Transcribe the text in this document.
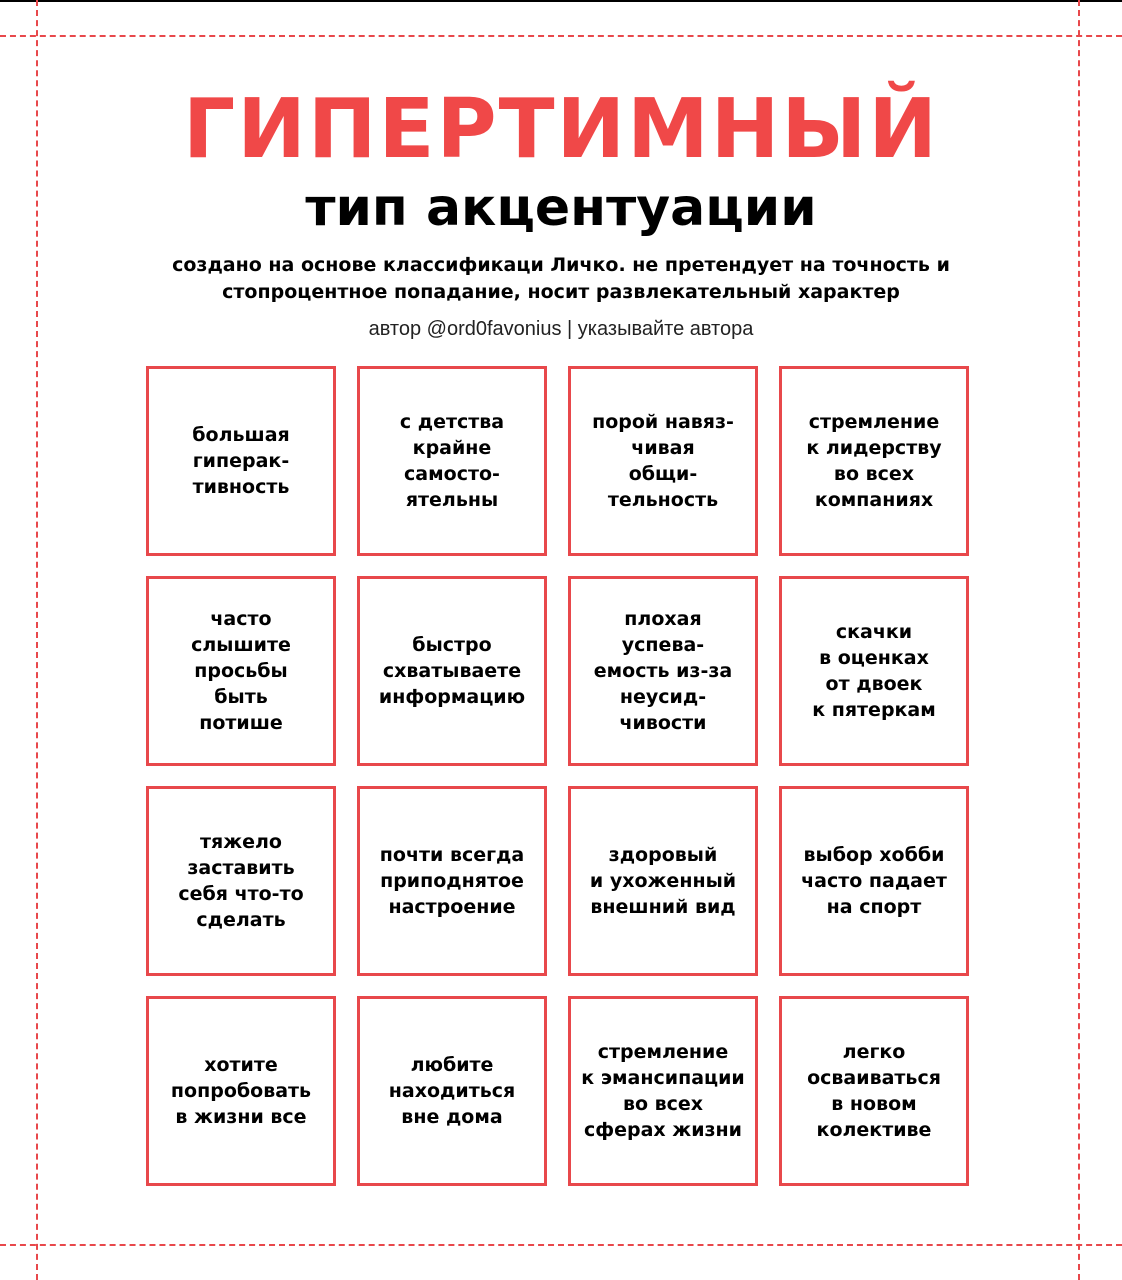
ГИПЕРТИМНЫЙ
тип акцентуации

создано на основе классификаци Личко. не претендует на точность и
стопроцентное попадание, носит развлекательный характер

автор @ord0favonius | указывайте автора

большая
гиперак-
тивность
с детства
крайне
самосто-
ятельны
порой навяз-
чивая
общи-
тельность
стремление
к лидерству
во всех
компаниях
часто
слышите
просьбы
быть
потише
быстро
схватываете
информацию
плохая
успева-
емость из-за
неусид-
чивости
скачки
в оценках
от двоек
к пятеркам
тяжело
заставить
себя что-то
сделать
почти всегда
приподнятое
настроение
здоровый
и ухоженный
внешний вид
выбор хобби
часто падает
на спорт
хотите
попробовать
в жизни все
любите
находиться
вне дома
стремление
к эмансипации
во всех
сферах жизни
легко
осваиваться
в новом
колективе
